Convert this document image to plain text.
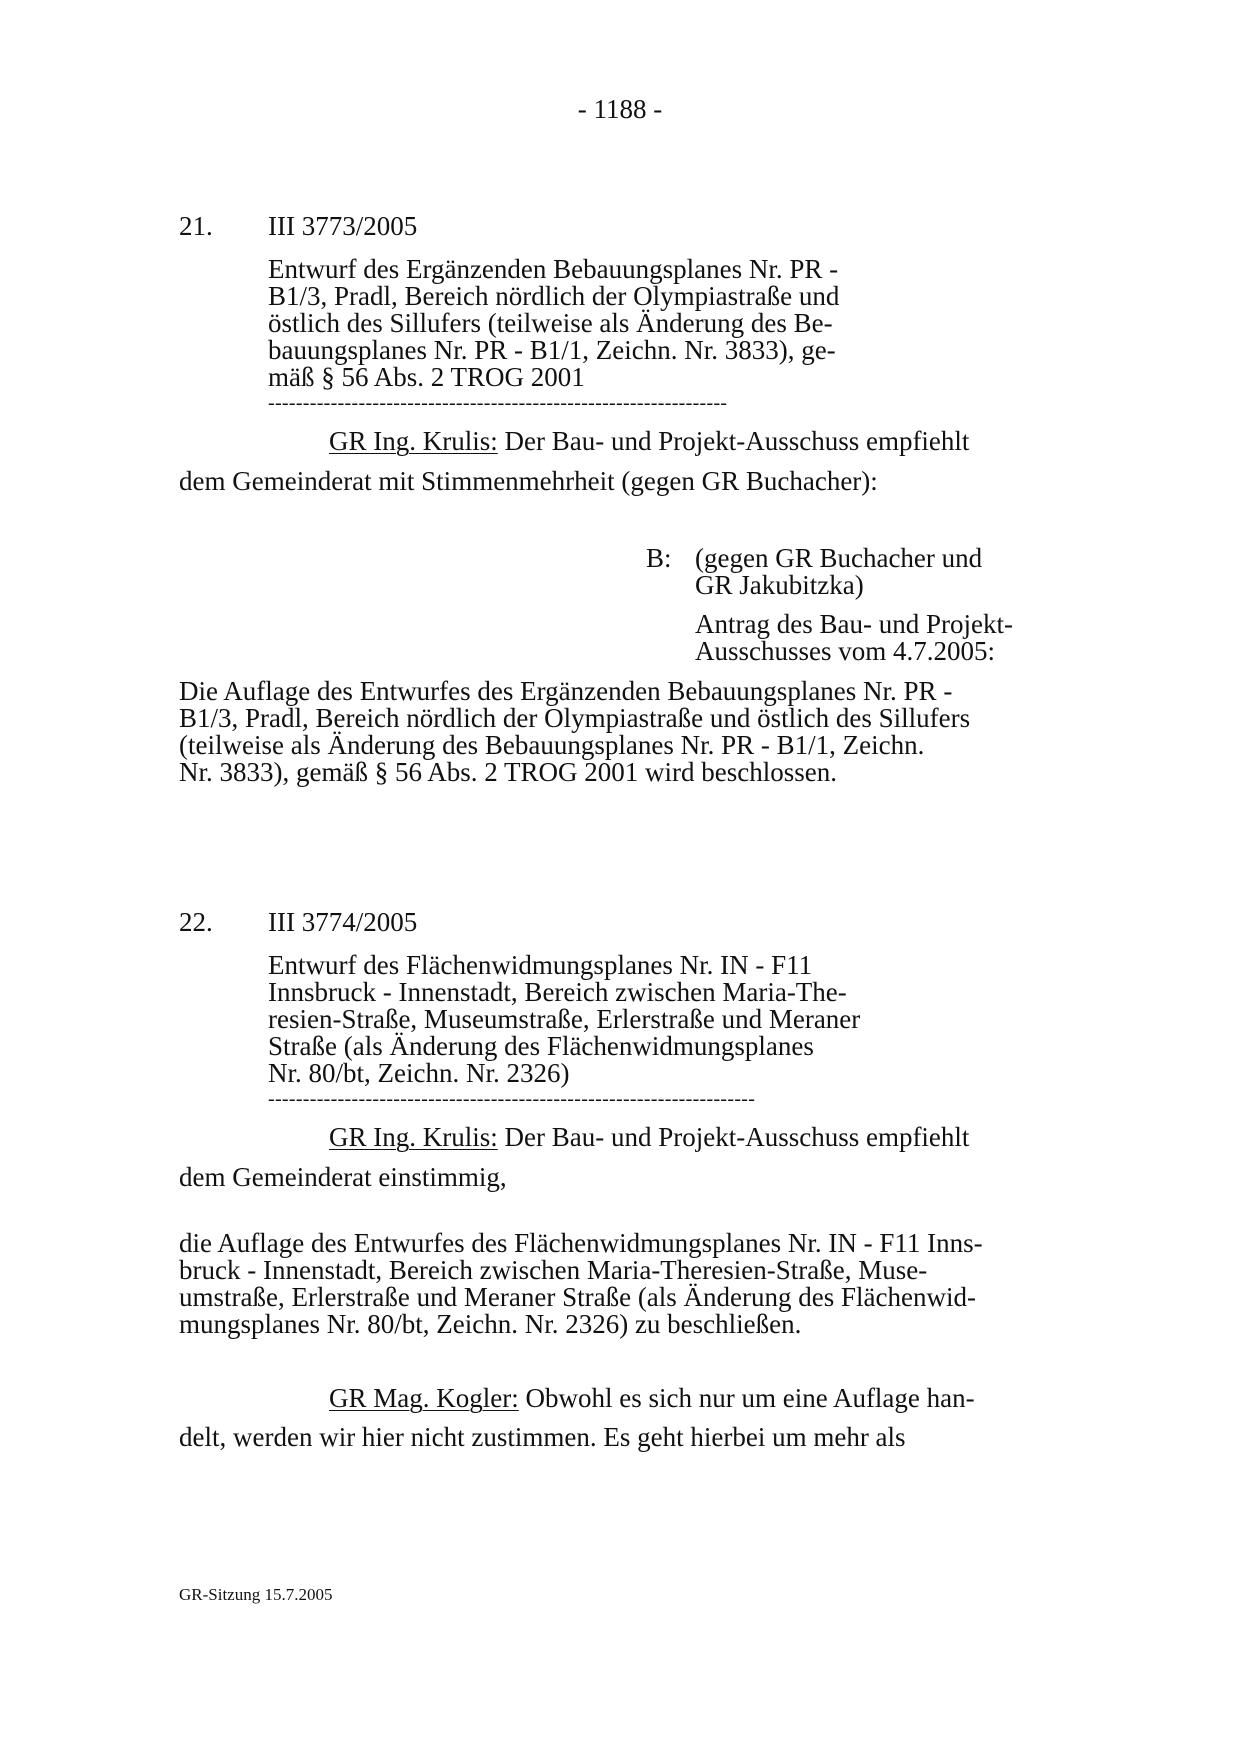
- 1188 -
21. III 3773/2005
Entwurf des Ergänzenden Bebauungsplanes Nr. PR -
B1/3, Pradl, Bereich nördlich der Olympiastraße und
östlich des Sillufers (teilweise als Änderung des Be-
bauungsplanes Nr. PR - B1/1, Zeichn. Nr. 3833), ge-
mäß § 56 Abs. 2 TROG 2001
------------------------------------------------------------------
GR Ing. Krulis: Der Bau- und Projekt-Ausschuss empfiehlt
dem Gemeinderat mit Stimmenmehrheit (gegen GR Buchacher):
B: (gegen GR Buchacher und
GR Jakubitzka)
Antrag des Bau- und Projekt-
Ausschusses vom 4.7.2005:
Die Auflage des Entwurfes des Ergänzenden Bebauungsplanes Nr. PR -
B1/3, Pradl, Bereich nördlich der Olympiastraße und östlich des Sillufers
(teilweise als Änderung des Bebauungsplanes Nr. PR - B1/1, Zeichn.
Nr. 3833), gemäß § 56 Abs. 2 TROG 2001 wird beschlossen.
22. III 3774/2005
Entwurf des Flächenwidmungsplanes Nr. IN - F11
Innsbruck - Innenstadt, Bereich zwischen Maria-The-
resien-Straße, Museumstraße, Erlerstraße und Meraner
Straße (als Änderung des Flächenwidmungsplanes
Nr. 80/bt, Zeichn. Nr. 2326)
----------------------------------------------------------------------
GR Ing. Krulis: Der Bau- und Projekt-Ausschuss empfiehlt
dem Gemeinderat einstimmig,
die Auflage des Entwurfes des Flächenwidmungsplanes Nr. IN - F11 Inns-
bruck - Innenstadt, Bereich zwischen Maria-Theresien-Straße, Muse-
umstraße, Erlerstraße und Meraner Straße (als Änderung des Flächenwid-
mungsplanes Nr. 80/bt, Zeichn. Nr. 2326) zu beschließen.
GR Mag. Kogler: Obwohl es sich nur um eine Auflage han-
delt, werden wir hier nicht zustimmen. Es geht hierbei um mehr als
GR-Sitzung 15.7.2005
